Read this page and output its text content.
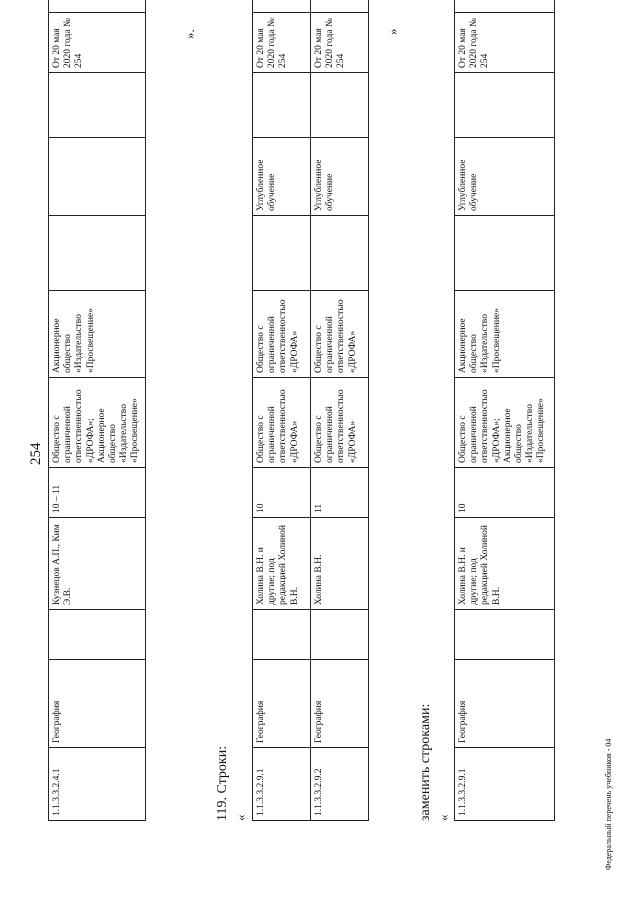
254
1.1.3.3.2.4.1	География		Кузнецов А.П., Ким Э.В.	10 – 11	Общество с ограниченной ответственностью «ДРОФА»; Акционерное общество «Издательство «Просвещение»	Акционерное общество «Издательство «Просвещение»				От 20 мая 2020 года № 254	
».
119. Строки: «
1.1.3.3.2.9.1	География		Холина В.Н. и другие; под редакцией Холиной В.Н.	10	Общество с ограниченной ответственностью «ДРОФА»	Общество с ограниченной ответственностью «ДРОФА»		Углубленное обучение		От 20 мая 2020 года № 254	
1.1.3.3.2.9.2	География		Холина В.Н.	11	Общество с ограниченной ответственностью «ДРОФА»	Общество с ограниченной ответственностью «ДРОФА»		Углубленное обучение		От 20 мая 2020 года № 254	
»
заменить строками: «
1.1.3.3.2.9.1	География		Холина В.Н. и другие; под редакцией Холиной В.Н.	10	Общество с ограниченной ответственностью «ДРОФА»; Акционерное общество «Издательство «Просвещение»	Акционерное общество «Издательство «Просвещение»		Углубленное обучение		От 20 мая 2020 года № 254	
Федеральный перечень учебников - 04
